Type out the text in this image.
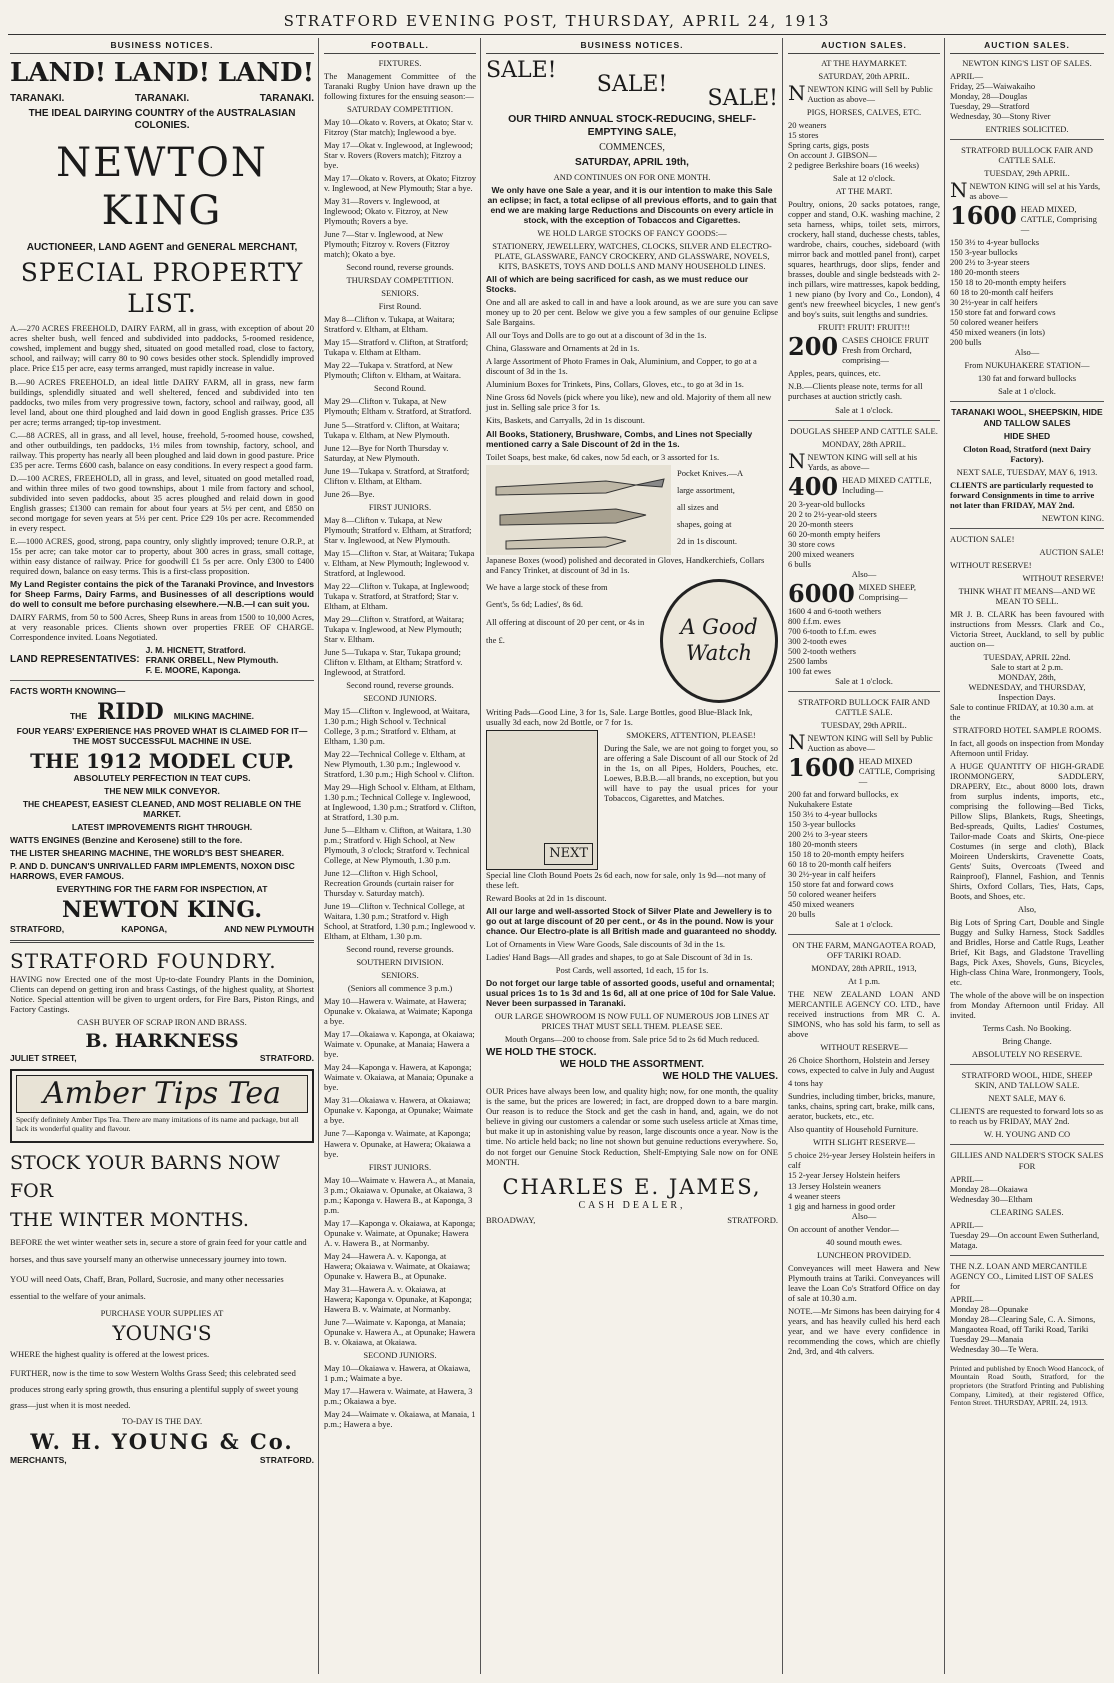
STRATFORD EVENING POST, THURSDAY, APRIL 24, 1913
BUSINESS NOTICES.
LAND! LAND! LAND!
TARANAKI.	TARANAKI.	TARANAKI.

THE IDEAL DAIRYING COUNTRY of the AUSTRALASIAN COLONIES.

NEWTON KING

AUCTIONEER, LAND AGENT and GENERAL MERCHANT,

SPECIAL PROPERTY LIST.

A.—270 ACRES FREEHOLD, DAIRY FARM, all in grass, with exception of about 20 acres shelter bush, well fenced and subdivided into paddocks, 5-roomed residence, cowshed, implement and buggy shed, situated on good metalled road, close to factory, school, and railway; will carry 80 to 90 cows besides other stock. Splendidly improved place. Price £15 per acre, easy terms arranged, must rapidly increase in value.

B.—90 ACRES FREEHOLD, an ideal little DAIRY FARM, all in grass, new farm buildings, splendidly situated and well sheltered, fenced and subdivided into ten paddocks, two miles from very progressive town, factory, school and railway, good, all level land, about one third ploughed and laid down in good English grasses. Price £35 per acre; terms arranged; tip-top investment.

C.—88 ACRES, all in grass, and all level, house, freehold, 5-roomed house, cowshed, and other outbuildings, ten paddocks, 1½ miles from township, factory, school, and railway. This property has nearly all been ploughed and laid down in good pasture. Price £35 per acre. Terms £600 cash, balance on easy conditions. In every respect a good farm.

D.—100 ACRES, FREEHOLD, all in grass, and level, situated on good metalled road, and within three miles of two good townships, about 1 mile from factory and school, subdivided into seven paddocks, about 35 acres ploughed and relaid down in good English grasses; £1300 can remain for about four years at 5½ per cent, and £850 on second mortgage for seven years at 5½ per cent. Price £29 10s per acre. Recommended in every respect.

E.—1000 ACRES, good, strong, papa country, only slightly improved; tenure O.R.P., at 15s per acre; can take motor car to property, about 300 acres in grass, small cottage, within easy distance of railway. Price for goodwill £1 5s per acre. Only £300 to £400 required down, balance on easy terms. This is a first-class proposition.

My Land Register contains the pick of the Taranaki Province, and Investors for Sheep Farms, Dairy Farms, and Businesses of all descriptions would do well to consult me before purchasing elsewhere.—N.B.—I can suit you.

DAIRY FARMS, from 50 to 500 Acres, Sheep Runs in areas from 1500 to 10,000 Acres, at very reasonable prices. Clients shown over properties FREE OF CHARGE. Correspondence invited. Loans Negotiated.

LAND REPRESENTATIVES:
J. M. HICNETT, Stratford.
FRANK ORBELL, New Plymouth.
F. E. MOORE, Kaponga.

FACTS WORTH KNOWING—

THE RIDD MILKING MACHINE.

FOUR YEARS' EXPERIENCE HAS PROVED WHAT IS CLAIMED FOR IT—THE MOST SUCCESSFUL MACHINE IN USE.

THE 1912 MODEL CUP.

ABSOLUTELY PERFECTION IN TEAT CUPS.

THE NEW MILK CONVEYOR.

THE CHEAPEST, EASIEST CLEANED, AND MOST RELIABLE ON THE MARKET.

LATEST IMPROVEMENTS RIGHT THROUGH.

WATTS ENGINES (Benzine and Kerosene) still to the fore.

THE LISTER SHEARING MACHINE, THE WORLD'S BEST SHEARER.

P. AND D. DUNCAN'S UNRIVALLED FARM IMPLEMENTS, NOXON DISC HARROWS, EVER FAMOUS.

EVERYTHING FOR THE FARM FOR INSPECTION, AT

NEWTON KING.
STRATFORD,	KAPONGA,	AND NEW PLYMOUTH
STRATFORD FOUNDRY.

HAVING now Erected one of the most Up-to-date Foundry Plants in the Dominion, Clients can depend on getting iron and brass Castings, of the highest quality, at Shortest Notice. Special attention will be given to urgent orders, for Fire Bars, Piston Rings, and Factory Castings.

CASH BUYER OF SCRAP IRON AND BRASS.

B. HARKNESS
JULIET STREET,	STRATFORD.
Amber Tips Tea

Specify definitely Amber Tips Tea. There are many imitations of its name and package, but all lack its wonderful quality and flavour.

STOCK YOUR BARNS NOW
FOR
THE WINTER MONTHS.

BEFORE the wet winter weather sets in, secure a store of grain feed for your cattle and horses, and thus save yourself many an otherwise unnecessary journey into town.

YOU will need Oats, Chaff, Bran, Pollard, Sucrosie, and many other necessaries essential to the welfare of your animals.

PURCHASE YOUR SUPPLIES AT

YOUNG'S

WHERE the highest quality is offered at the lowest prices.

FURTHER, now is the time to sow Western Wolths Grass Seed; this celebrated seed produces strong early spring growth, thus ensuring a plentiful supply of sweet young grass—just when it is most needed.

TO-DAY IS THE DAY.

W. H. YOUNG & Co.
MERCHANTS,	STRATFORD.
FOOTBALL.

FIXTURES.

The Management Committee of the Taranaki Rugby Union have drawn up the following fixtures for the ensuing season:—

SATURDAY COMPETITION.

May 10—Okato v. Rovers, at Okato; Star v. Fitzroy (Star match); Inglewood a bye.

May 17—Okat v. Inglewood, at Inglewood; Star v. Rovers (Rovers match); Fitzroy a bye.

May 17—Okato v. Rovers, at Okato; Fitzroy v. Inglewood, at New Plymouth; Star a bye.

May 31—Rovers v. Inglewood, at Inglewood; Okato v. Fitzroy, at New Plymouth; Rovers a bye.

June 7—Star v. Inglewood, at New Plymouth; Fitzroy v. Rovers (Fitzroy match); Okato a bye.

Second round, reverse grounds.

THURSDAY COMPETITION.

SENIORS.

First Round.

May 8—Clifton v. Tukapa, at Waitara; Stratford v. Eltham, at Eltham.

May 15—Stratford v. Clifton, at Stratford; Tukapa v. Eltham at Eltham.

May 22—Tukapa v. Stratford, at New Plymouth; Clifton v. Eltham, at Waitara.

Second Round.

May 29—Clifton v. Tukapa, at New Plymouth; Eltham v. Stratford, at Stratford.

June 5—Stratford v. Clifton, at Waitara; Tukapa v. Eltham, at New Plymouth.

June 12—Bye for North Thursday v. Saturday, at New Plymouth.

June 19—Tukapa v. Stratford, at Stratford; Clifton v. Eltham, at Eltham.

June 26—Bye.

FIRST JUNIORS.

May 8—Clifton v. Tukapa, at New Plymouth; Stratford v. Eltham, at Stratford; Star v. Inglewood, at New Plymouth.

May 15—Clifton v. Star, at Waitara; Tukapa v. Eltham, at New Plymouth; Inglewood v. Stratford, at Inglewood.

May 22—Clifton v. Tukapa, at Inglewood; Tukapa v. Stratford, at Stratford; Star v. Eltham, at Eltham.

May 29—Clifton v. Stratford, at Waitara; Tukapa v. Inglewood, at New Plymouth; Star v. Eltham.

June 5—Tukapa v. Star, Tukapa ground; Clifton v. Eltham, at Eltham; Stratford v. Inglewood, at Stratford.

Second round, reverse grounds.

SECOND JUNIORS.

May 15—Clifton v. Inglewood, at Waitara, 1.30 p.m.; High School v. Technical College, 3 p.m.; Stratford v. Eltham, at Eltham, 1.30 p.m.

May 22—Technical College v. Eltham, at New Plymouth, 1.30 p.m.; Inglewood v. Stratford, 1.30 p.m.; High School v. Clifton.

May 29—High School v. Eltham, at Eltham, 1.30 p.m.; Technical College v. Inglewood, at Inglewood, 1.30 p.m.; Stratford v. Clifton, at Stratford, 1.30 p.m.

June 5—Eltham v. Clifton, at Waitara, 1.30 p.m.; Stratford v. High School, at New Plymouth, 3 o'clock; Stratford v. Technical College, at New Plymouth, 1.30 p.m.

June 12—Clifton v. High School, Recreation Grounds (curtain raiser for Thursday v. Saturday match).

June 19—Clifton v. Technical College, at Waitara, 1.30 p.m.; Stratford v. High School, at Stratford, 1.30 p.m.; Inglewood v. Eltham, at Eltham, 1.30 p.m.

Second round, reverse grounds.

SOUTHERN DIVISION.

SENIORS.

(Seniors all commence 3 p.m.)

May 10—Hawera v. Waimate, at Hawera; Opunake v. Okaiawa, at Waimate; Kaponga a bye.

May 17—Okaiawa v. Kaponga, at Okaiawa; Waimate v. Opunake, at Manaia; Hawera a bye.

May 24—Kaponga v. Hawera, at Kaponga; Waimate v. Okaiawa, at Manaia; Opunake a bye.

May 31—Okaiawa v. Hawera, at Okaiawa; Opunake v. Kaponga, at Opunake; Waimate a bye.

June 7—Kaponga v. Waimate, at Kaponga; Hawera v. Opunake, at Hawera; Okaiawa a bye.

FIRST JUNIORS.

May 10—Waimate v. Hawera A., at Manaia, 3 p.m.; Okaiawa v. Opunake, at Okaiawa, 3 p.m.; Kaponga v. Hawera B., at Kaponga, 3 p.m.

May 17—Kaponga v. Okaiawa, at Kaponga; Opunake v. Waimate, at Opunake; Hawera A. v. Hawera B., at Normanby.

May 24—Hawera A. v. Kaponga, at Hawera; Okaiawa v. Waimate, at Okaiawa; Opunake v. Hawera B., at Opunake.

May 31—Hawera A. v. Okaiawa, at Hawera; Kaponga v. Opunake, at Kaponga; Hawera B. v. Waimate, at Normanby.

June 7—Waimate v. Kaponga, at Manaia; Opunake v. Hawera A., at Opunake; Hawera B. v. Okaiawa, at Okaiawa.

SECOND JUNIORS.

May 10—Okaiawa v. Hawera, at Okaiawa, 1 p.m.; Waimate a bye.

May 17—Hawera v. Waimate, at Hawera, 3 p.m.; Okaiawa a bye.

May 24—Waimate v. Okaiawa, at Manaia, 1 p.m.; Hawera a bye.

BUSINESS NOTICES.
SALE!
SALE!
SALE!

OUR THIRD ANNUAL STOCK-REDUCING, SHELF-EMPTYING SALE,

COMMENCES,

SATURDAY, APRIL 19th,

AND CONTINUES ON FOR ONE MONTH.

We only have one Sale a year, and it is our intention to make this Sale an eclipse; in fact, a total eclipse of all previous efforts, and to gain that end we are making large Reductions and Discounts on every article in stock, with the exception of Tobaccos and Cigarettes.

WE HOLD LARGE STOCKS OF FANCY GOODS:—

STATIONERY, JEWELLERY, WATCHES, CLOCKS, SILVER AND ELECTRO-PLATE, GLASSWARE, FANCY CROCKERY, AND GLASSWARE, NOVELS, KITS, BASKETS, TOYS AND DOLLS AND MANY HOUSEHOLD LINES.

All of which are being sacrificed for cash, as we must reduce our Stocks.

One and all are asked to call in and have a look around, as we are sure you can save money up to 20 per cent. Below we give you a few samples of our genuine Eclipse Sale Bargains.

All our Toys and Dolls are to go out at a discount of 3d in the 1s.

China, Glassware and Ornaments at 2d in 1s.

A large Assortment of Photo Frames in Oak, Aluminium, and Copper, to go at a discount of 3d in the 1s.

Aluminium Boxes for Trinkets, Pins, Collars, Gloves, etc., to go at 3d in 1s.

Nine Gross 6d Novels (pick where you like), new and old. Majority of them all new just in. Selling sale price 3 for 1s.

Kits, Baskets, and Carryalls, 2d in 1s discount.

All Books, Stationery, Brushware, Combs, and Lines not Specially mentioned carry a Sale Discount of 2d in the 1s.

Toilet Soaps, best make, 6d cakes, now 5d each, or 3 assorted for 1s.

Pocket Knives.—A
large assortment,
all sizes and
shapes, going at
2d in 1s discount.

Japanese Boxes (wood) polished and decorated in Gloves, Handkerchiefs, Collars and Fancy Trinket, at discount of 3d in 1s.

We have a large stock of these from
Gent's, 5s 6d; Ladies', 8s 6d.
All offering at discount of 20 per cent, or 4s in the £.
A Good Watch

Writing Pads—Good Line, 3 for 1s, Sale. Large Bottles, good Blue-Black Ink, usually 3d each, now 2d Bottle, or 7 for 1s.

NEXT

SMOKERS, ATTENTION, PLEASE!

During the Sale, we are not going to forget you, so are offering a Sale Discount of all our Stock of 2d in the 1s, on all Pipes, Holders, Pouches, etc. Loewes, B.B.B.—all brands, no exception, but you will have to pay the usual prices for your Tobaccos, Cigarettes, and Matches.

Special line Cloth Bound Poets 2s 6d each, now for sale, only 1s 9d—not many of these left.

Reward Books at 2d in 1s discount.

All our large and well-assorted Stock of Silver Plate and Jewellery is to go out at large discount of 20 per cent., or 4s in the pound. Now is your chance. Our Electro-plate is all British made and guaranteed no shoddy.

Lot of Ornaments in View Ware Goods, Sale discounts of 3d in the 1s.

Ladies' Hand Bags—All grades and shapes, to go at Sale Discount of 3d in 1s.

Post Cards, well assorted, 1d each, 15 for 1s.

Do not forget our large table of assorted goods, useful and ornamental; usual prices 1s to 1s 3d and 1s 6d, all at one price of 10d for Sale Value. Never been surpassed in Taranaki.

OUR LARGE SHOWROOM IS NOW FULL OF NUMEROUS JOB LINES AT PRICES THAT MUST SELL THEM. PLEASE SEE.

Mouth Organs—200 to choose from. Sale price 5d to 2s 6d Much reduced.

WE HOLD THE STOCK.

WE HOLD THE ASSORTMENT.

WE HOLD THE VALUES.

OUR Prices have always been low, and quality high; now, for one month, the quality is the same, but the prices are lowered; in fact, are dropped down to a bare margin. Our reason is to reduce the Stock and get the cash in hand, and, again, we do not believe in giving our customers a calendar or some such useless article at Xmas time, but make it up in astonishing value by reason, large discounts once a year. Now is the time. No article held back; no line not shown but genuine reductions everywhere. So, do not forget our Genuine Stock Reduction, Shelf-Emptying Sale now on for ONE MONTH.

CHARLES E. JAMES,

CASH DEALER,

BROADWAY,	STRATFORD.
AUCTION SALES.

AT THE HAYMARKET.

SATURDAY, 20th APRIL.

NNEWTON KING will Sell by Public Auction as above—

PIGS, HORSES, CALVES, ETC.

20 weaners
15 stores
Spring carts, gigs, posts
On account J. GIBSON—

2 pedigree Berkshire boars (16 weeks)

Sale at 12 o'clock.

AT THE MART.

Poultry, onions, 20 sacks potatoes, range, copper and stand, O.K. washing machine, 2 seta harness, whips, toilet sets, mirrors, crockery, hall stand, duchesse chests, tables, wardrobe, chairs, couches, sideboard (with mirror back and mottled panel front), carpet squares, hearthrugs, door slips, fender and brasses, double and single bedsteads with 2-inch pillars, wire mattresses, kapok bedding, 1 new piano (by Ivory and Co., London), 4 gent's new freewheel bicycles, 1 new gent's and boy's suits, suit lengths and sundries.

FRUIT! FRUIT! FRUIT!!!

200 CASES CHOICE FRUIT Fresh from Orchard, comprising—

Apples, pears, quinces, etc.

N.B.—Clients please note, terms for all purchases at auction strictly cash.

Sale at 1 o'clock.

DOUGLAS SHEEP AND CATTLE SALE.

MONDAY, 28th APRIL.

NNEWTON KING will sell at his Yards, as above—

400 HEAD MIXED CATTLE, Including—

20 3-year-old bullocks
20 2 to 2½-year-old steers
20 20-month steers
60 20-month empty heifers
30 store cows
200 mixed weaners
6 bulls

Also—

6000 MIXED SHEEP, Comprising—

1600 4 and 6-tooth wethers
800 f.f.m. ewes
700 6-tooth to f.f.m. ewes
300 2-tooth ewes
500 2-tooth wethers
2500 lambs
100 fat ewes

Sale at 1 o'clock.

STRATFORD BULLOCK FAIR AND CATTLE SALE.

TUESDAY, 29th APRIL.

NNEWTON KING will Sell by Public Auction as above—

1600 HEAD MIXED CATTLE, Comprising—

200 fat and forward bullocks, ex Nukuhakere Estate
150 3½ to 4-year bullocks
150 3-year bullocks
200 2½ to 3-year steers
180 20-month steers
150 18 to 20-month empty heifers
60 18 to 20-month calf heifers
30 2½-year in calf heifers
150 store fat and forward cows
50 colored weaner heifers
450 mixed weaners
20 bulls

Sale at 1 o'clock.

ON THE FARM, MANGAOTEA ROAD, OFF TARIKI ROAD.

MONDAY, 28th APRIL, 1913,

At 1 p.m.

THE NEW ZEALAND LOAN AND MERCANTILE AGENCY CO. LTD., have received instructions from MR C. A. SIMONS, who has sold his farm, to sell as above

WITHOUT RESERVE—

26 Choice Shorthorn, Holstein and Jersey cows, expected to calve in July and August

4 tons hay

Sundries, including timber, bricks, manure, tanks, chains, spring cart, brake, milk cans, aerator, buckets, etc., etc.

Also quantity of Household Furniture.

WITH SLIGHT RESERVE—

5 choice 2½-year Jersey Holstein heifers in calf
15 2-year Jersey Holstein heifers
13 Jersey Holstein weaners
4 weaner steers
1 gig and harness in good order

Also—

On account of another Vendor—

40 sound mouth ewes.

LUNCHEON PROVIDED.

Conveyances will meet Hawera and New Plymouth trains at Tariki. Conveyances will leave the Loan Co's Stratford Office on day of sale at 10.30 a.m.

NOTE.—Mr Simons has been dairying for 4 years, and has heavily culled his herd each year, and we have every confidence in recommending the cows, which are chiefly 2nd, 3rd, and 4th calvers.

AUCTION SALES.

NEWTON KING'S LIST OF SALES.

APRIL—
Friday, 25—Waiwakaiho
Monday, 28—Douglas
Tuesday, 29—Stratford

Wednesday, 30—Stony River

ENTRIES SOLICITED.

STRATFORD BULLOCK FAIR AND CATTLE SALE.

TUESDAY, 29th APRIL.

NNEWTON KING will sel at his Yards, as above—

1600 HEAD MIXED, CATTLE, Comprising—

150 3½ to 4-year bullocks
150 3-year bullocks
200 2½ to 3-year steers
180 20-month steers
150 18 to 20-month empty heifers
60 18 to 20-month calf heifers
30 2½-year in calf heifers
150 store fat and forward cows
50 colored weaner heifers
450 mixed weaners (in lots)
200 bulls

Also—

From NUKUHAKERE STATION—

130 fat and forward bullocks

Sale at 1 o'clock.

TARANAKI WOOL, SHEEPSKIN, HIDE AND TALLOW SALES

HIDE SHED

Cloton Road, Stratford (next Dairy Factory).

NEXT SALE, TUESDAY, MAY 6, 1913.

CLIENTS are particularly requested to forward Consignments in time to arrive not later than FRIDAY, MAY 2nd.

NEWTON KING.

AUCTION SALE!

AUCTION SALE!

WITHOUT RESERVE!

WITHOUT RESERVE!

THINK WHAT IT MEANS—AND WE MEAN TO SELL.

MR J. B. CLARK has been favoured with instructions from Messrs. Clark and Co., Victoria Street, Auckland, to sell by public auction on—

TUESDAY, APRIL 22nd.
Sale to start at 2 p.m.
MONDAY, 28th,
WEDNESDAY, and THURSDAY,
Inspection Days.

Sale to continue FRIDAY, at 10.30 a.m. at the

STRATFORD HOTEL SAMPLE ROOMS.

In fact, all goods on inspection from Monday Afternoon until Friday.

A HUGE QUANTITY OF HIGH-GRADE IRONMONGERY, SADDLERY, DRAPERY, Etc., about 8000 lots, drawn from surplus indents, imports, etc., comprising the following—Bed Ticks, Pillow Slips, Blankets, Rugs, Sheetings, Bed-spreads, Quilts, Ladies' Costumes, Tailor-made Coats and Skirts, One-piece Costumes (in serge and cloth), Black Moireen Underskirts, Cravenette Coats, Gents' Suits, Overcoats (Tweed and Rainproof), Flannel, Fashion, and Tennis Shirts, Oxford Collars, Ties, Hats, Caps, Boots, and Shoes, etc.

Also,

Big Lots of Spring Cart, Double and Single Buggy and Sulky Harness, Stock Saddles and Bridles, Horse and Cattle Rugs, Leather Brief, Kit Bags, and Gladstone Travelling Bags, Pick Axes, Shovels, Guns, Bicycles, High-class China Ware, Ironmongery, Tools, etc.

The whole of the above will be on inspection from Monday Afternoon until Friday. All invited.

Terms Cash. No Booking.

Bring Change.

ABSOLUTELY NO RESERVE.

STRATFORD WOOL, HIDE, SHEEP SKIN, AND TALLOW SALE.

NEXT SALE, MAY 6.

CLIENTS are requested to forward lots so as to reach us by FRIDAY, MAY 2nd.

W. H. YOUNG AND CO

GILLIES AND NALDER'S STOCK SALES FOR

APRIL—
Monday 28—Okaiawa

Wednesday 30—Eltham

CLEARING SALES.

APRIL—

Tuesday 29—On account Ewen Sutherland, Mataga.

THE N.Z. LOAN AND MERCANTILE AGENCY CO., Limited LIST OF SALES for

APRIL—
Monday 28—Opunake
Monday 28—Clearing Sale, C. A. Simons, Mangaotea Road, off Tariki Road, Tariki
Tuesday 29—Manaia

Wednesday 30—Te Wera.

Printed and published by Enoch Wood Hancock, of Mountain Road South, Stratford, for the proprietors (the Stratford Printing and Publishing Company, Limited), at their registered Office, Fenton Street. THURSDAY, APRIL 24, 1913.
